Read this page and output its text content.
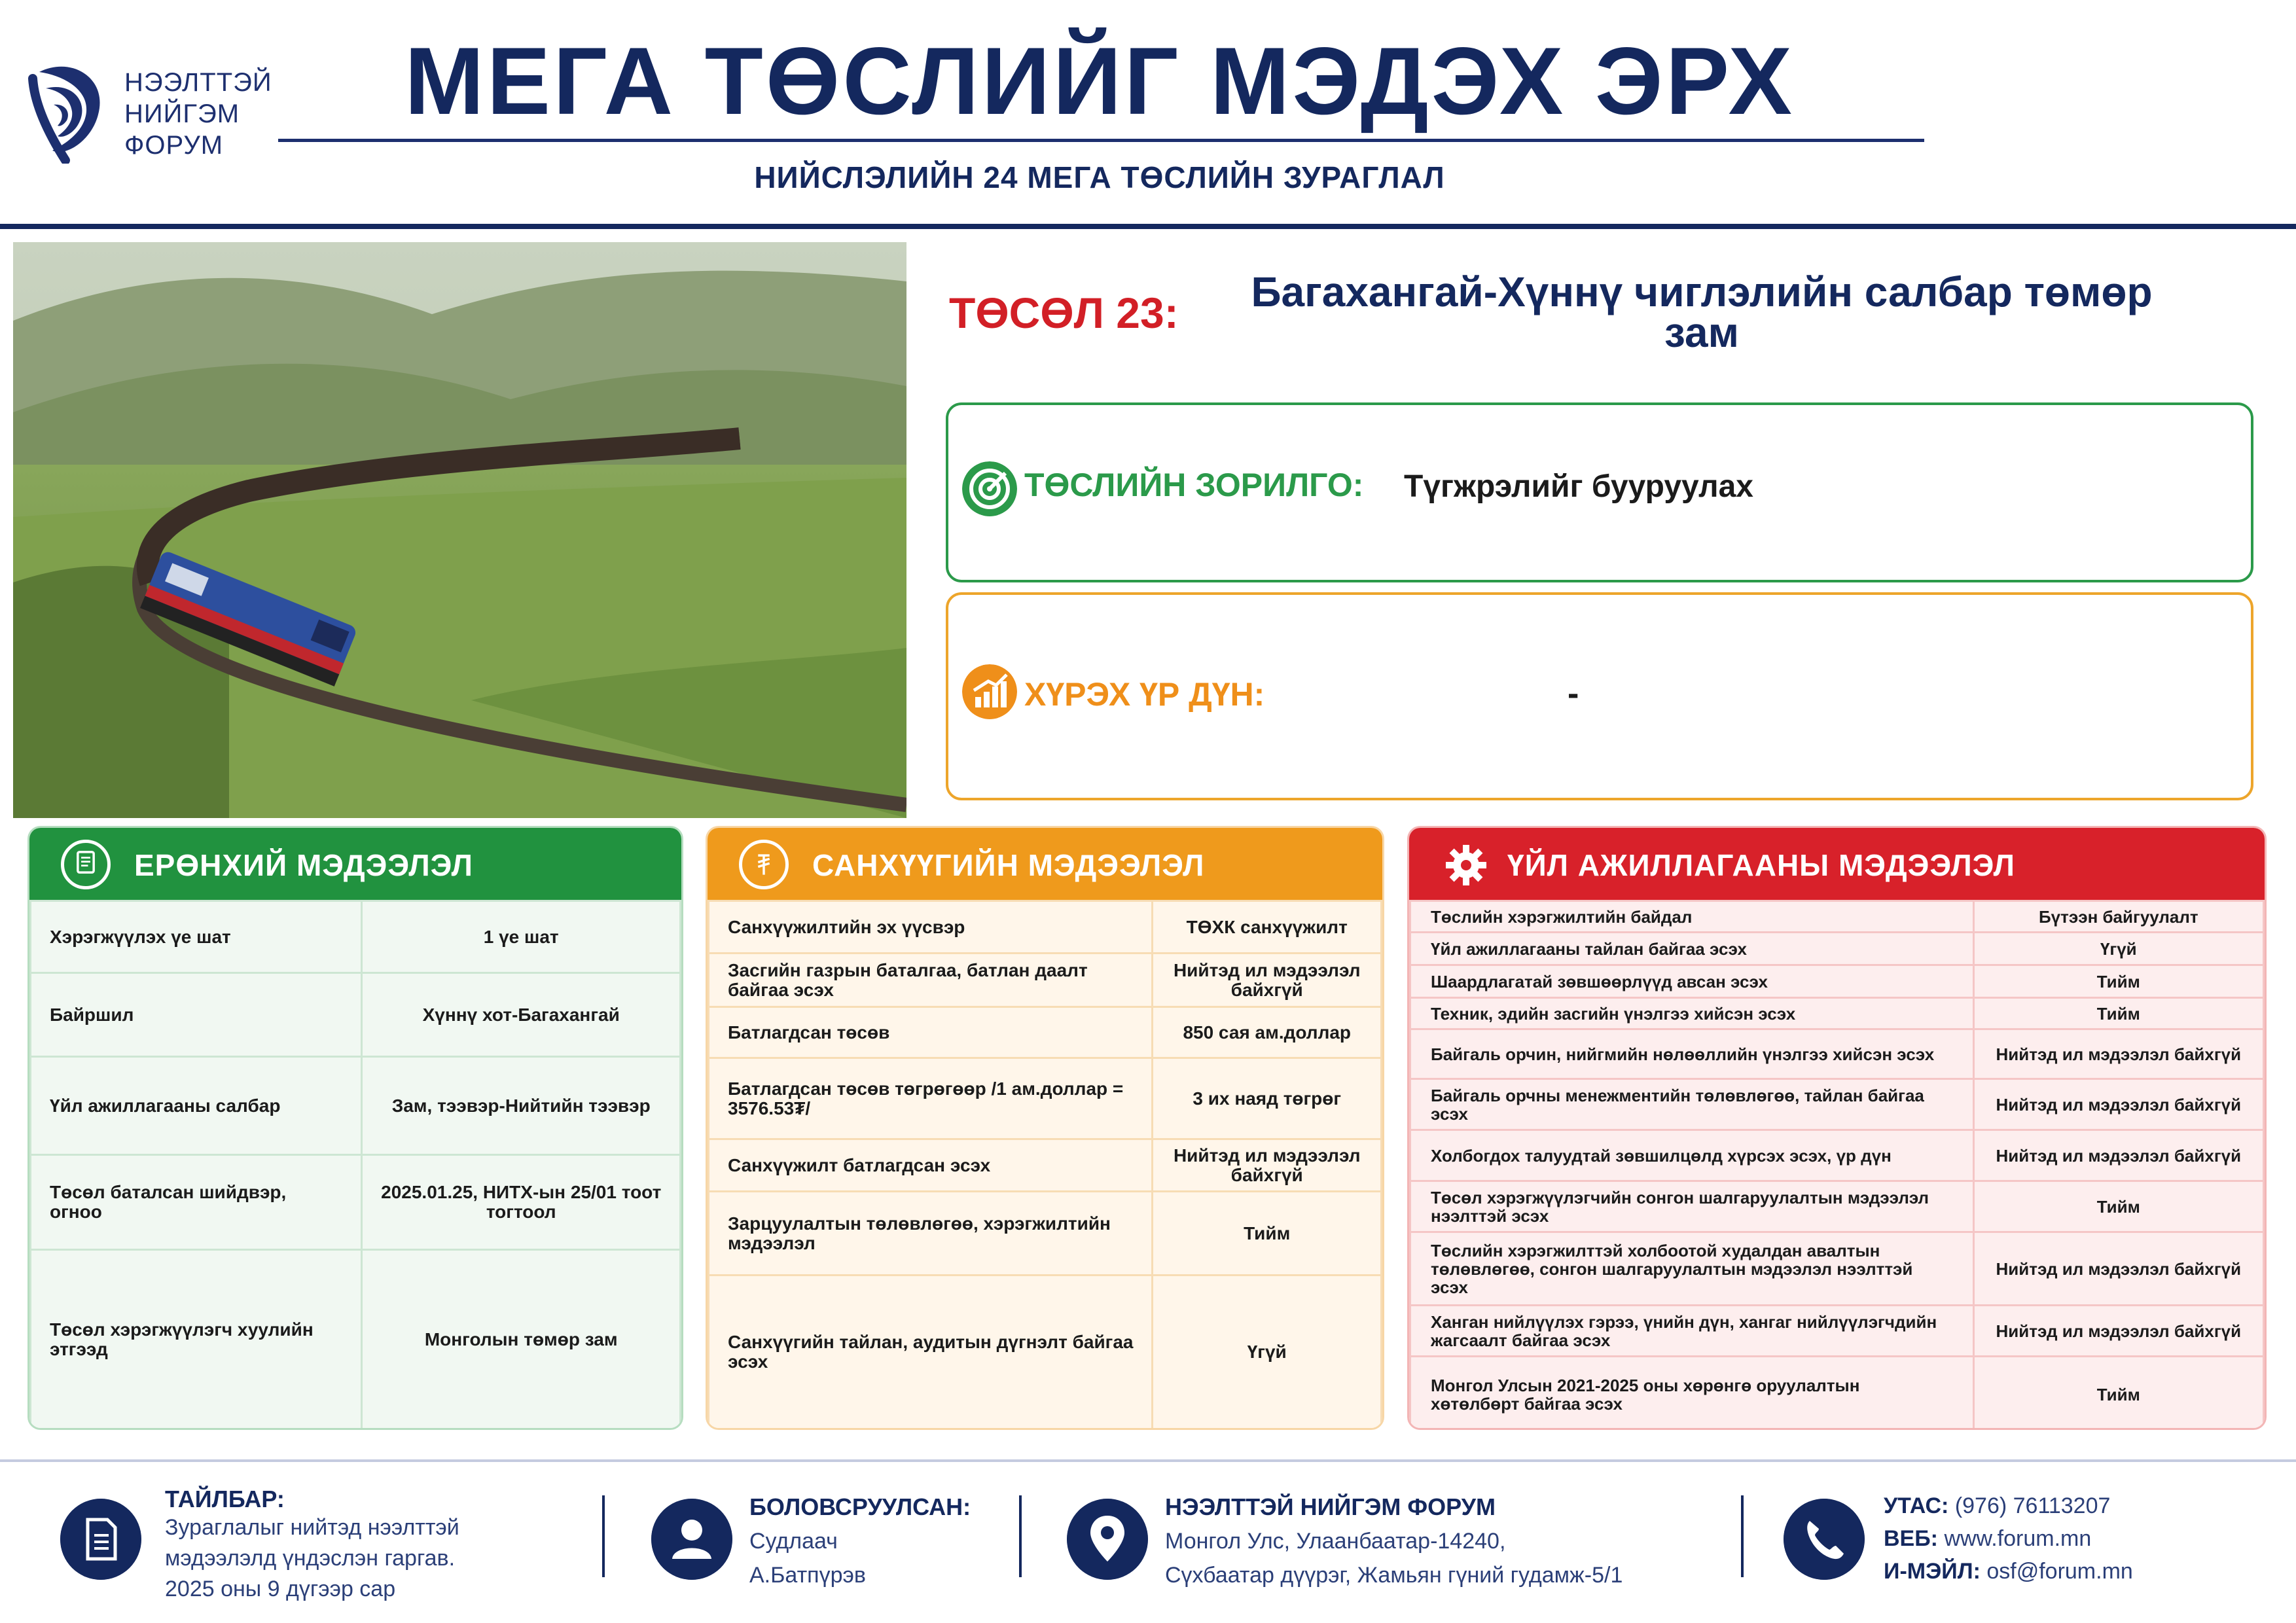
НЭЭЛТТЭЙ
НИЙГЭМ
ФОРУМ
МЕГА ТӨСЛИЙГ МЭДЭХ ЭРХ
НИЙСЛЭЛИЙН 24 МЕГА ТӨСЛИЙН ЗУРАГЛАЛ
ТӨСӨЛ 23:	Багахангай-Хүннү чиглэлийн салбар төмөр
зам
ТӨСЛИЙН ЗОРИЛГО: Түгжрэлийг бууруулах
ХҮРЭХ ҮР ДҮН:	-
ЕРӨНХИЙ МЭДЭЭЛЭЛ
Хэрэгжүүлэх үе шат	1 үе шат
Байршил	Хүннү хот-Багахангай
Үйл ажиллагааны салбар	Зам, тээвэр-Нийтийн тээвэр
Төсөл баталсан шийдвэр, огноо	2025.01.25, НИТХ-ын 25/01 тоот тогтоол
Төсөл хэрэгжүүлэгч хуулийн этгээд	Монголын төмөр зам
САНХҮҮГИЙН МЭДЭЭЛЭЛ
Санхүүжилтийн эх үүсвэр	ТӨХК санхүүжилт
Засгийн газрын баталгаа, батлан даалт байгаа эсэх	Нийтэд ил мэдээлэл байхгүй
Батлагдсан төсөв	850 сая ам.доллар
Батлагдсан төсөв төгрөгөөр /1 ам.доллар = 3576.53₮/	3 их наяд төгрөг
Санхүүжилт батлагдсан эсэх	Нийтэд ил мэдээлэл байхгүй
Зарцуулалтын төлөвлөгөө, хэрэгжилтийн мэдээлэл	Тийм
Санхүүгийн тайлан, аудитын дүгнэлт байгаа эсэх	Үгүй
ҮЙЛ АЖИЛЛАГААНЫ МЭДЭЭЛЭЛ
Төслийн хэрэгжилтийн байдал	Бүтээн байгуулалт
Үйл ажиллагааны тайлан байгаа эсэх	Үгүй
Шаардлагатай зөвшөөрлүүд авсан эсэх	Тийм
Техник, эдийн засгийн үнэлгээ хийсэн эсэх	Тийм
Байгаль орчин, нийгмийн нөлөөллийн үнэлгээ хийсэн эсэх	Нийтэд ил мэдээлэл байхгүй
Байгаль орчны менежментийн төлөвлөгөө, тайлан байгаа эсэх	Нийтэд ил мэдээлэл байхгүй
Холбогдох талуудтай зөвшилцөлд хүрсэх эсэх, үр дүн	Нийтэд ил мэдээлэл байхгүй
Төсөл хэрэгжүүлэгчийн сонгон шалгаруулалтын мэдээлэл нээлттэй эсэх	Тийм
Төслийн хэрэгжилттэй холбоотой худалдан авалтын төлөвлөгөө, сонгон шалгаруулалтын мэдээлэл нээлттэй эсэх	Нийтэд ил мэдээлэл байхгүй
Ханган нийлүүлэх гэрээ, үнийн дүн, хангаг нийлүүлэгчдийн жагсаалт байгаа эсэх	Нийтэд ил мэдээлэл байхгүй
Монгол Улсын 2021-2025 оны хөрөнгө оруулалтын хөтөлбөрт байгаа эсэх	Тийм
ТАЙЛБАР:
Зураглалыг нийтэд нээлттэй
мэдээлэлд үндэслэн гаргав.
2025 оны 9 дүгээр сар
БОЛОВСРУУЛСАН:
Судлаач
А.Батпүрэв
НЭЭЛТТЭЙ НИЙГЭМ ФОРУМ
Монгол Улс, Улаанбаатар-14240,
Сүхбаатар дүүрэг, Жамьян гүний гудамж-5/1
УТАС: (976) 76113207
ВЕБ: www.forum.mn
И-МЭЙЛ: osf@forum.mn
